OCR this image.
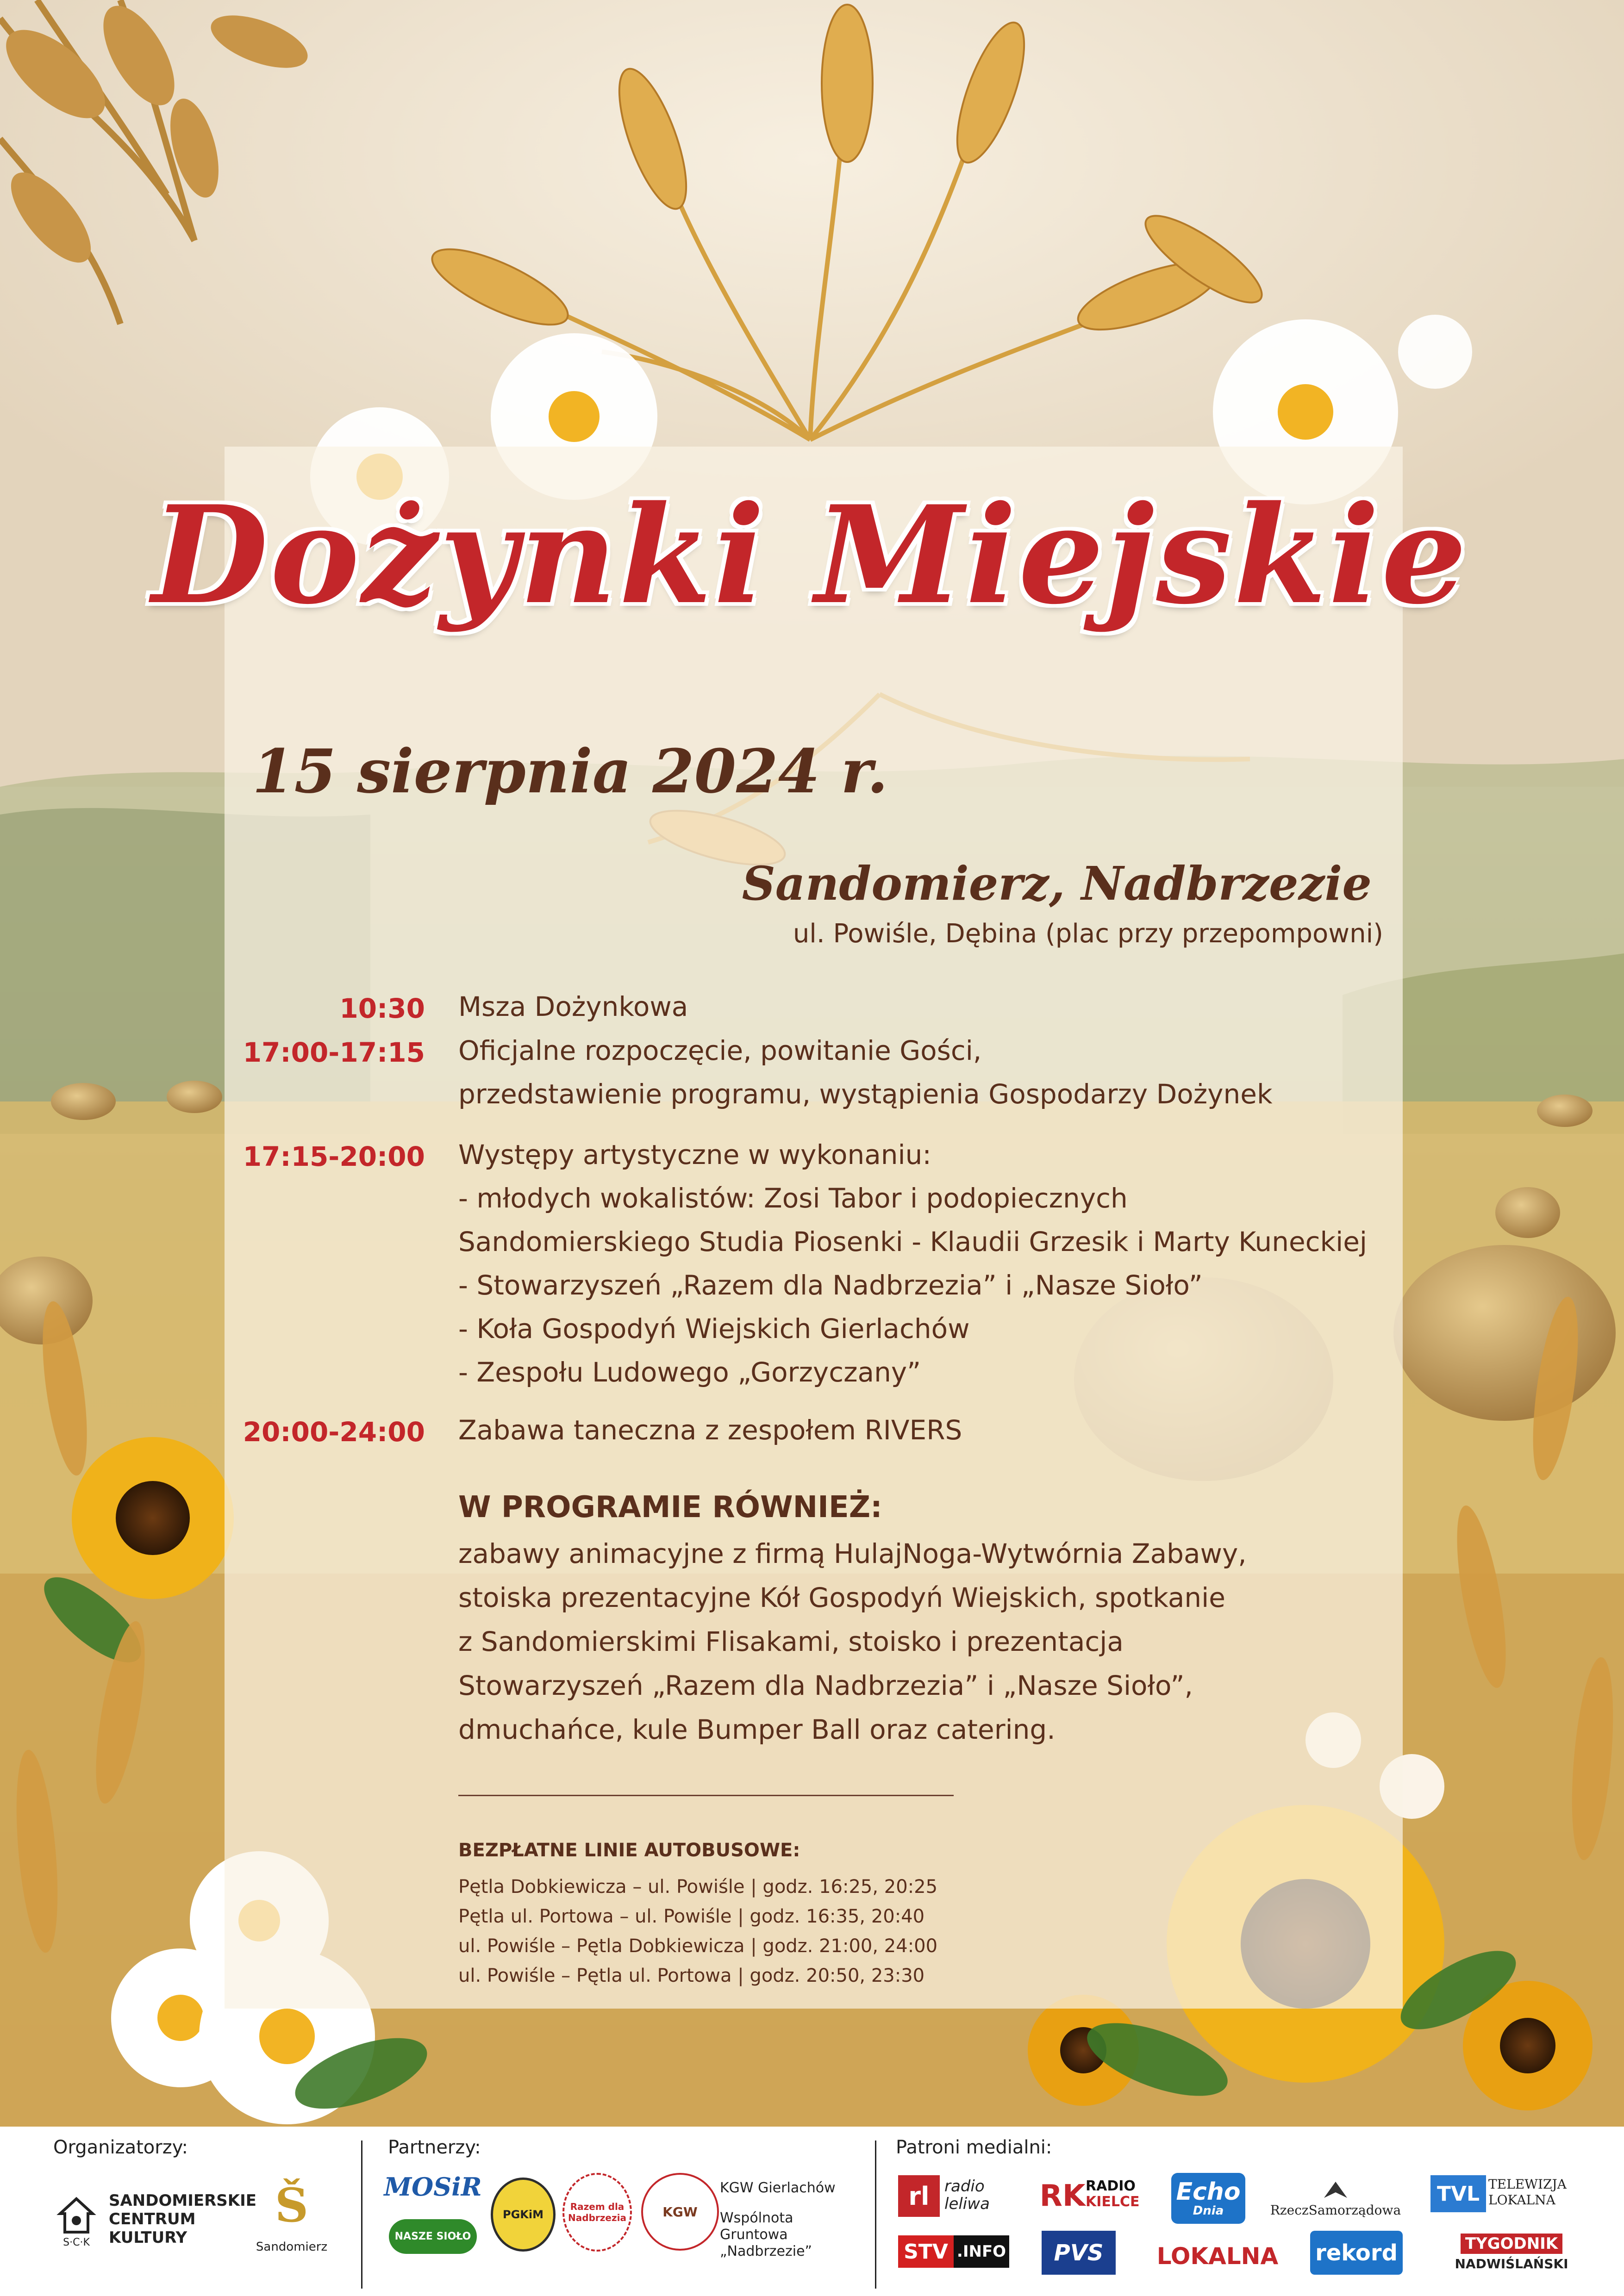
Dożynki Miejskie
15 sierpnia 2024 r.
Sandomierz, Nadbrzezie
ul. Powiśle, Dębina (plac przy przepompowni)
10:30 Msza Dożynkowa
17:00-17:15 Oficjalne rozpoczęcie, powitanie Gości,
przedstawienie programu, wystąpienia Gospodarzy Dożynek
17:15-20:00 Występy artystyczne w wykonaniu:
- młodych wokalistów: Zosi Tabor i podopiecznych
Sandomierskiego Studia Piosenki - Klaudii Grzesik i Marty Kuneckiej
- Stowarzyszeń „Razem dla Nadbrzezia” i „Nasze Sioło”
- Koła Gospodyń Wiejskich Gierlachów
- Zespołu Ludowego „Gorzyczany”
20:00-24:00 Zabawa taneczna z zespołem RIVERS
W PROGRAMIE RÓWNIEŻ:
zabawy animacyjne z firmą HulajNoga-Wytwórnia Zabawy,
stoiska prezentacyjne Kół Gospodyń Wiejskich, spotkanie
z Sandomierskimi Flisakami, stoisko i prezentacja
Stowarzyszeń „Razem dla Nadbrzezia” i „Nasze Sioło”,
dmuchańce, kule Bumper Ball oraz catering.
BEZPŁATNE LINIE AUTOBUSOWE:
Pętla Dobkiewicza – ul. Powiśle | godz. 16:25, 20:25
Pętla ul. Portowa – ul. Powiśle | godz. 16:35, 20:40
ul. Powiśle – Pętla Dobkiewicza | godz. 21:00, 24:00
ul. Powiśle – Pętla ul. Portowa | godz. 20:50, 23:30
Organizatorzy:	Partnerzy:	Patroni medialni:
S·C·K
SANDOMIERSKIE
CENTRUM
KULTURY
Š
Sandomierz
MOSiR
NASZE SIOŁO
PGKiM
Razem dla Nadbrzezia	KGW
KGW Gierlachów
Wspólnota
Gruntowa
„Nadbrzezie”
rl radio
leliwa RK RADIO
KIELCE Echo
Dnia	RzeczSamorządowa
TVL TELEWIZJA
LOKALNA
STV .INFO	PVS	LOKALNA	rekord	TYGODNIK
NADWIŚLAŃSKI
